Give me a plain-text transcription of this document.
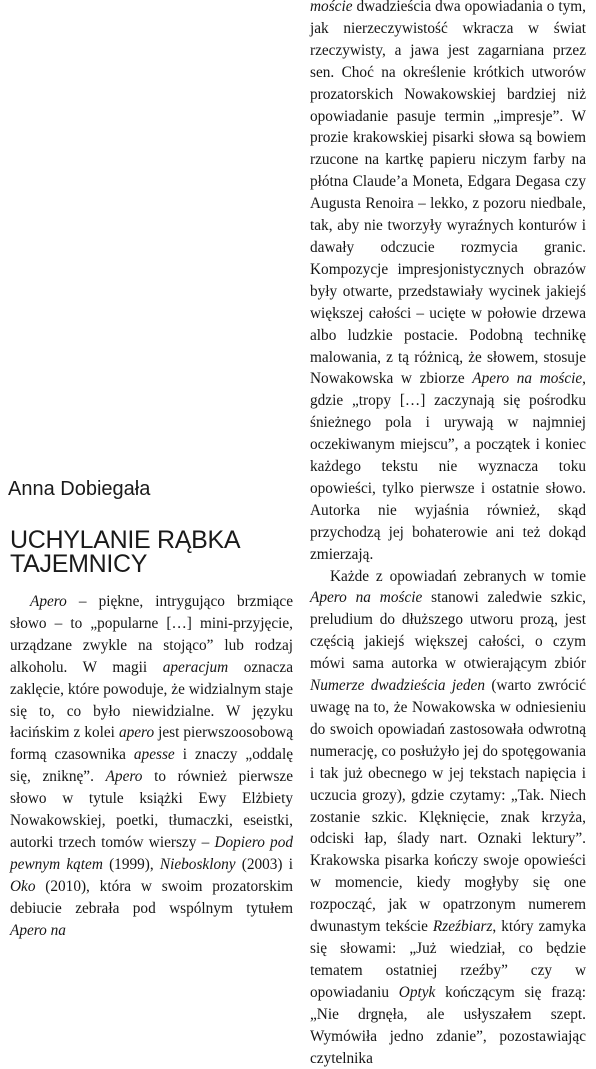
moście dwadzieścia dwa opowiadania o tym, jak nierzeczywistość wkracza w świat rzeczywisty, a jawa jest zagarniana przez sen. Choć na określenie krótkich utworów prozatorskich Nowakowskiej bardziej niż opowiadanie pasuje termin „impresje”. W prozie krakowskiej pisarki słowa są bowiem rzucone na kartkę papieru niczym farby na płótna Claude’a Moneta, Edgara Degasa czy Augusta Renoira – lekko, z pozoru niedbale, tak, aby nie tworzyły wyraźnych konturów i dawały odczucie rozmycia granic. Kompozycje impresjonistycznych obrazów były otwarte, przedstawiały wycinek jakiejś większej całości – ucięte w połowie drzewa albo ludzkie postacie. Podobną technikę malowania, z tą różnicą, że słowem, stosuje Nowakowska w zbiorze Apero na moście, gdzie „tropy […] zaczynają się pośrodku śnieżnego pola i urywają w najmniej oczekiwanym miejscu”, a początek i koniec każdego tekstu nie wyznacza toku opowieści, tylko pierwsze i ostatnie słowo. Autorka nie wyjaśnia również, skąd przychodzą jej bohaterowie ani też dokąd zmierzają.

Każde z opowiadań zebranych w tomie Apero na moście stanowi zaledwie szkic, preludium do dłuższego utworu prozą, jest częścią jakiejś większej całości, o czym mówi sama autorka w otwierającym zbiór Numerze dwadzieścia jeden (warto zwrócić uwagę na to, że Nowakowska w odniesieniu do swoich opowiadań zastosowała odwrotną numerację, co posłużyło jej do spotęgowania i tak już obecnego w jej tekstach napięcia i uczucia grozy), gdzie czytamy: „Tak. Niech zostanie szkic. Klęknięcie, znak krzyża, odciski łap, ślady nart. Oznaki lektury”. Krakowska pisarka kończy swoje opowieści w momencie, kiedy mogłyby się one rozpocząć, jak w opatrzonym numerem dwunastym tekście Rzeźbiarz, który zamyka się słowami: „Już wiedział, co będzie tematem ostatniej rzeźby” czy w opowiadaniu Optyk kończącym się frazą: „Nie drgnęła, ale usłyszałem szept. Wymówiła jedno zdanie”, pozostawiając czytelnika

Anna Dobiegała
UCHYLANIE RĄBKA TAJEMNICY

Apero – piękne, intrygująco brzmiące słowo – to „popularne […] mini-przyjęcie, urządzane zwykle na stojąco” lub rodzaj alkoholu. W magii aperacjum oznacza zaklęcie, które powoduje, że widzialnym staje się to, co było niewidzialne. W języku łacińskim z kolei apero jest pierwszoosobową formą czasownika apesse i znaczy „oddalę się, zniknę”. Apero to również pierwsze słowo w tytule książki Ewy Elżbiety Nowakowskiej, poetki, tłumaczki, eseistki, autorki trzech tomów wierszy – Dopiero pod pewnym kątem (1999), Niebosklony (2003) i Oko (2010), która w swoim prozatorskim debiucie zebrała pod wspólnym tytułem Apero na
